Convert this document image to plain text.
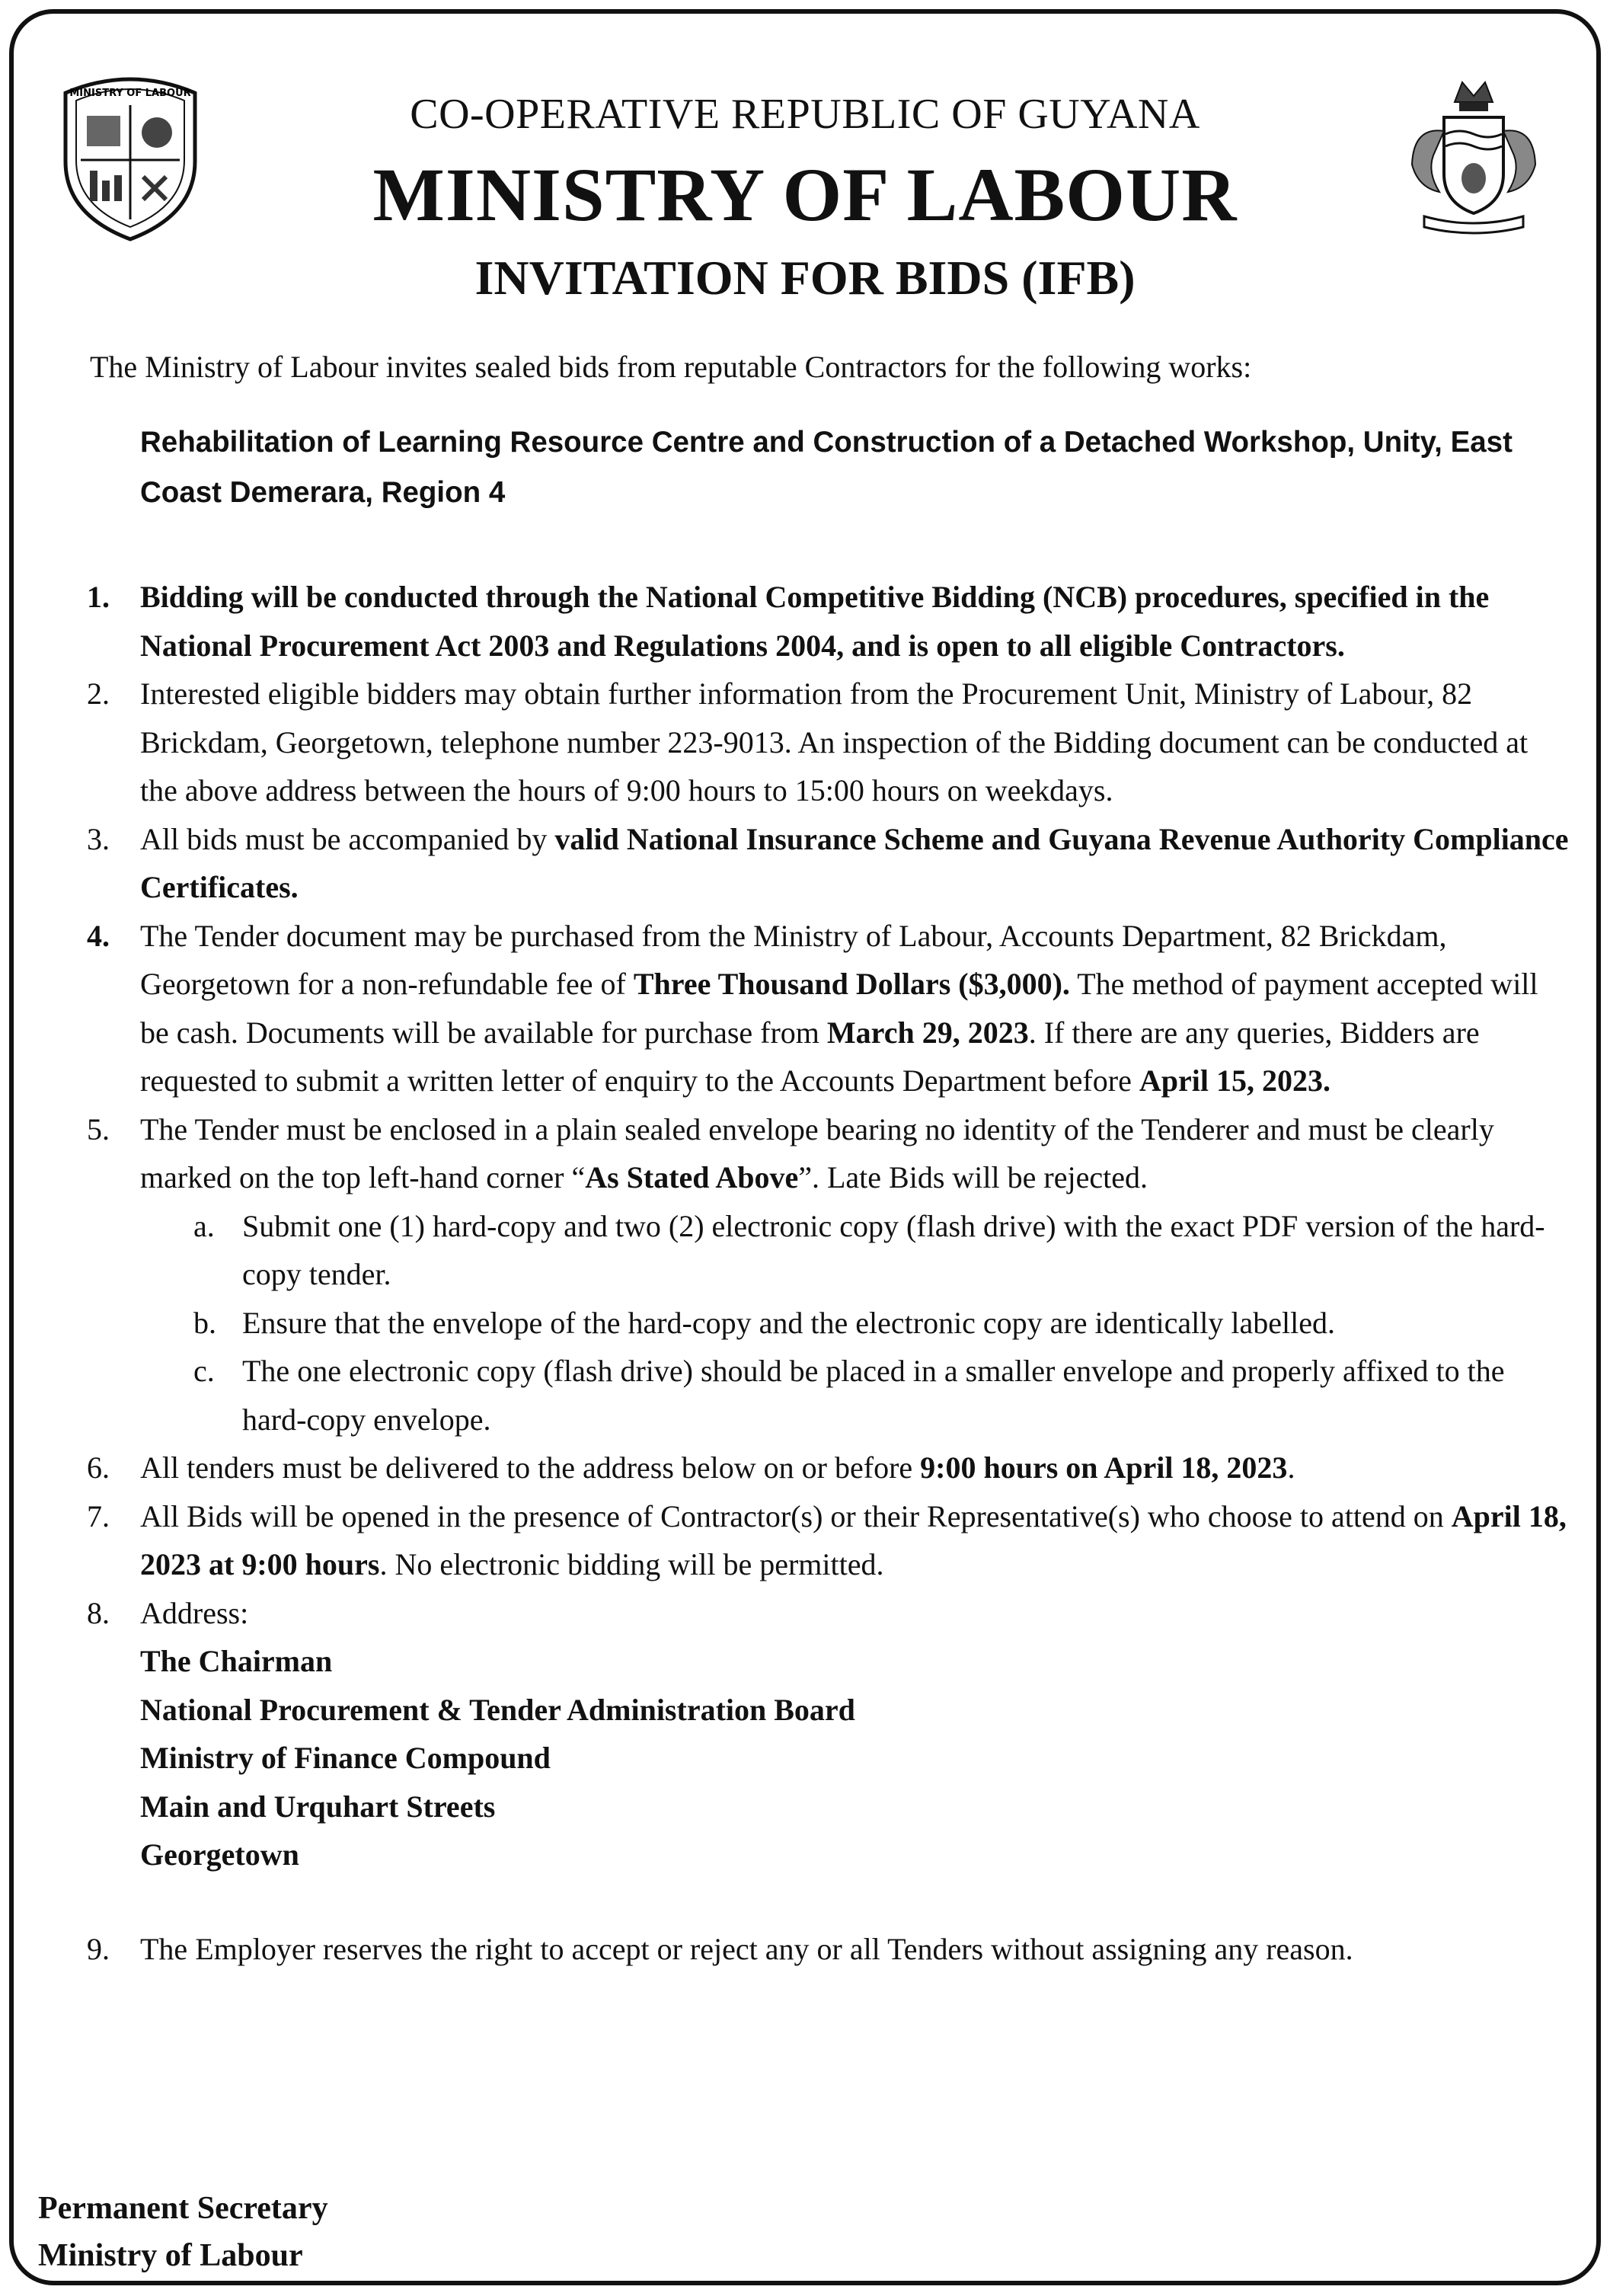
MINISTRY OF LABOUR	CO-OPERATIVE REPUBLIC OF GUYANA
MINISTRY OF LABOUR
INVITATION FOR BIDS (IFB)

The Ministry of Labour invites sealed bids from reputable Contractors for the following works:

Rehabilitation of Learning Resource Centre and Construction of a Detached Workshop, Unity, East
Coast Demerara, Region 4

1. Bidding will be conducted through the National Competitive Bidding (NCB) procedures, specified in the National Procurement Act 2003 and Regulations 2004, and is open to all eligible Contractors.
2. Interested eligible bidders may obtain further information from the Procurement Unit, Ministry of Labour, 82 Brickdam, Georgetown, telephone number 223-9013. An inspection of the Bidding document can be conducted at the above address between the hours of 9:00 hours to 15:00 hours on weekdays.
3. All bids must be accompanied by valid National Insurance Scheme and Guyana Revenue Authority Compliance Certificates.
4. The Tender document may be purchased from the Ministry of Labour, Accounts Department, 82 Brickdam, Georgetown for a non-refundable fee of Three Thousand Dollars ($3,000). The method of payment accepted will be cash. Documents will be available for purchase from March 29, 2023. If there are any queries, Bidders are requested to submit a written letter of enquiry to the Accounts Department before April 15, 2023.
5. The Tender must be enclosed in a plain sealed envelope bearing no identity of the Tenderer and must be clearly marked on the top left-hand corner “As Stated Above”. Late Bids will be rejected.
a. Submit one (1) hard-copy and two (2) electronic copy (flash drive) with the exact PDF version of the hard-copy tender.
b. Ensure that the envelope of the hard-copy and the electronic copy are identically labelled.
c. The one electronic copy (flash drive) should be placed in a smaller envelope and properly affixed to the hard-copy envelope.
6. All tenders must be delivered to the address below on or before 9:00 hours on April 18, 2023.
7. All Bids will be opened in the presence of Contractor(s) or their Representative(s) who choose to attend on April 18, 2023 at 9:00 hours. No electronic bidding will be permitted.
8. Address:
The Chairman
National Procurement & Tender Administration Board
Ministry of Finance Compound
Main and Urquhart Streets
Georgetown
9. The Employer reserves the right to accept or reject any or all Tenders without assigning any reason.
Permanent Secretary
Ministry of Labour
